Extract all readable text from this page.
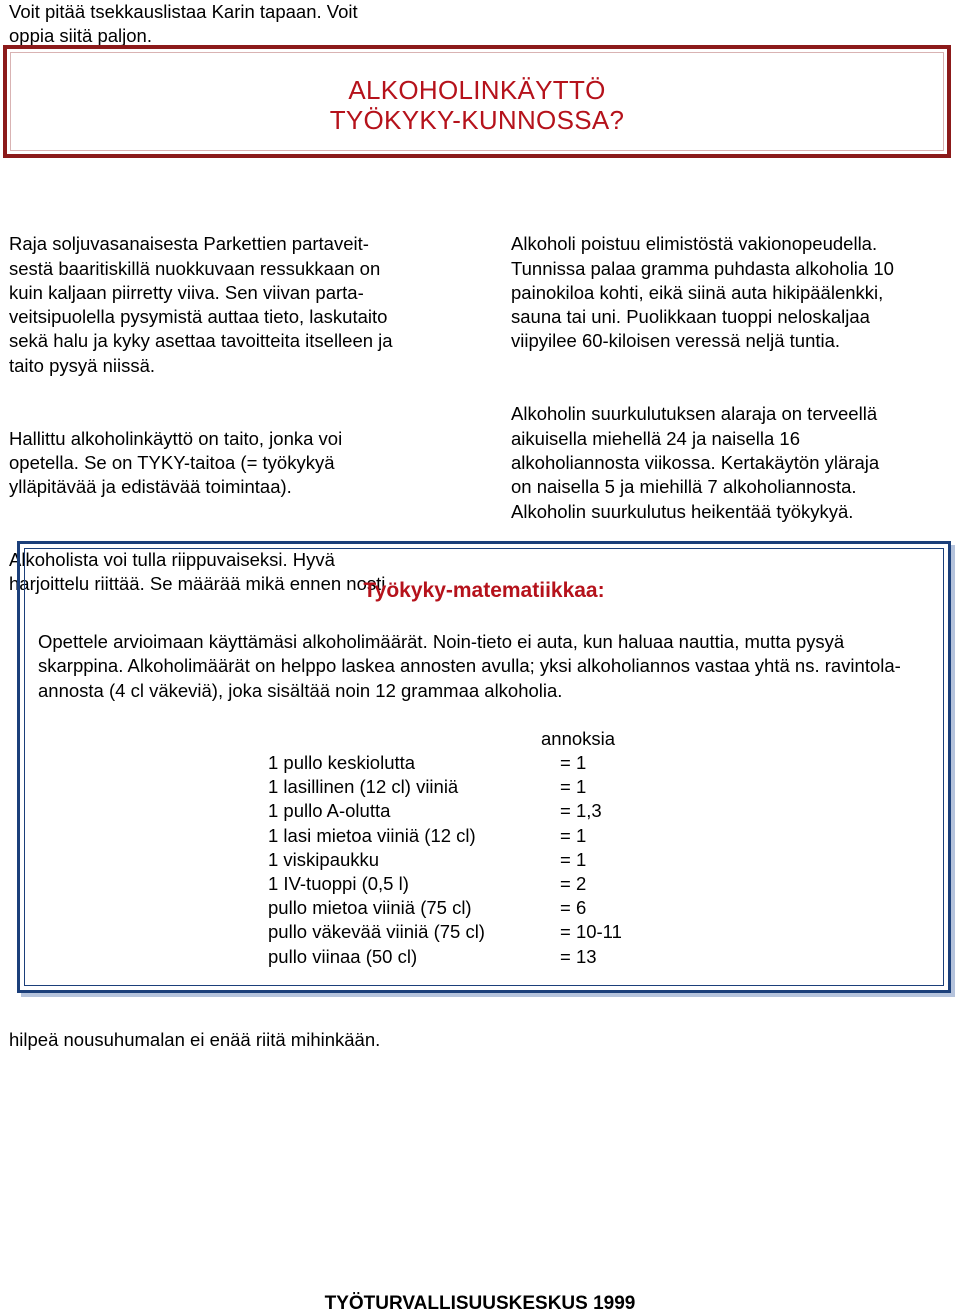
Voit pitää tsekkauslistaa Karin tapaan. Voit
oppia siitä paljon.
ALKOHOLINKÄYTTÖ
TYÖKYKY-KUNNOSSA?

Raja soljuvasanaisesta Parkettien partaveit-
sestä baaritiskillä nuokkuvaan ressukkaan on
kuin kaljaan piirretty viiva. Sen viivan parta-
veitsipuolella pysymistä auttaa tieto, laskutaito
sekä halu ja kyky asettaa tavoitteita itselleen ja
taito pysyä niissä.

Hallittu alkoholinkäyttö on taito, jonka voi
opetella. Se on TYKY-taitoa (= työkykyä
ylläpitävää ja edistävää toimintaa).

Alkoholista voi tulla riippuvaiseksi. Hyvä
harjoittelu riittää. Se määrää mikä ennen nosti

Alkoholi poistuu elimistöstä vakionopeudella.
Tunnissa palaa gramma puhdasta alkoholia 10
painokiloa kohti, eikä siinä auta hikipäälenkki,
sauna tai uni. Puolikkaan tuoppi neloskaljaa
viipyilee 60-kiloisen veressä neljä tuntia.

Alkoholin suurkulutuksen alaraja on terveellä
aikuisella miehellä 24 ja naisella 16
alkoholiannosta viikossa. Kertakäytön yläraja
on naisella 5 ja miehillä 7 alkoholiannosta.
Alkoholin suurkulutus heikentää työkykyä.

Työkyky-matematiikkaa:
Opettele arvioimaan käyttämäsi alkoholimäärät. Noin-tieto ei auta, kun haluaa nauttia, mutta pysyä skarppina. Alkoholimäärät on helppo laskea annosten avulla; yksi alkoholiannos vastaa yhtä ns. ravintola-annosta (4 cl väkeviä), joka sisältää noin 12 grammaa alkoholia.
annoksia
1 pullo keskiolutta	= 1
1 lasillinen (12 cl) viiniä	= 1
1 pullo A-olutta	= 1,3
1 lasi mietoa viiniä (12 cl)	= 1
1 viskipaukku	= 1
1 IV-tuoppi (0,5 l)	= 2
pullo mietoa viiniä (75 cl)	= 6
pullo väkevää viiniä (75 cl)	= 10-11
pullo viinaa (50 cl)	= 13
hilpeä nousuhumalan ei enää riitä mihinkään.
TYÖTURVALLISUUSKESKUS 1999
